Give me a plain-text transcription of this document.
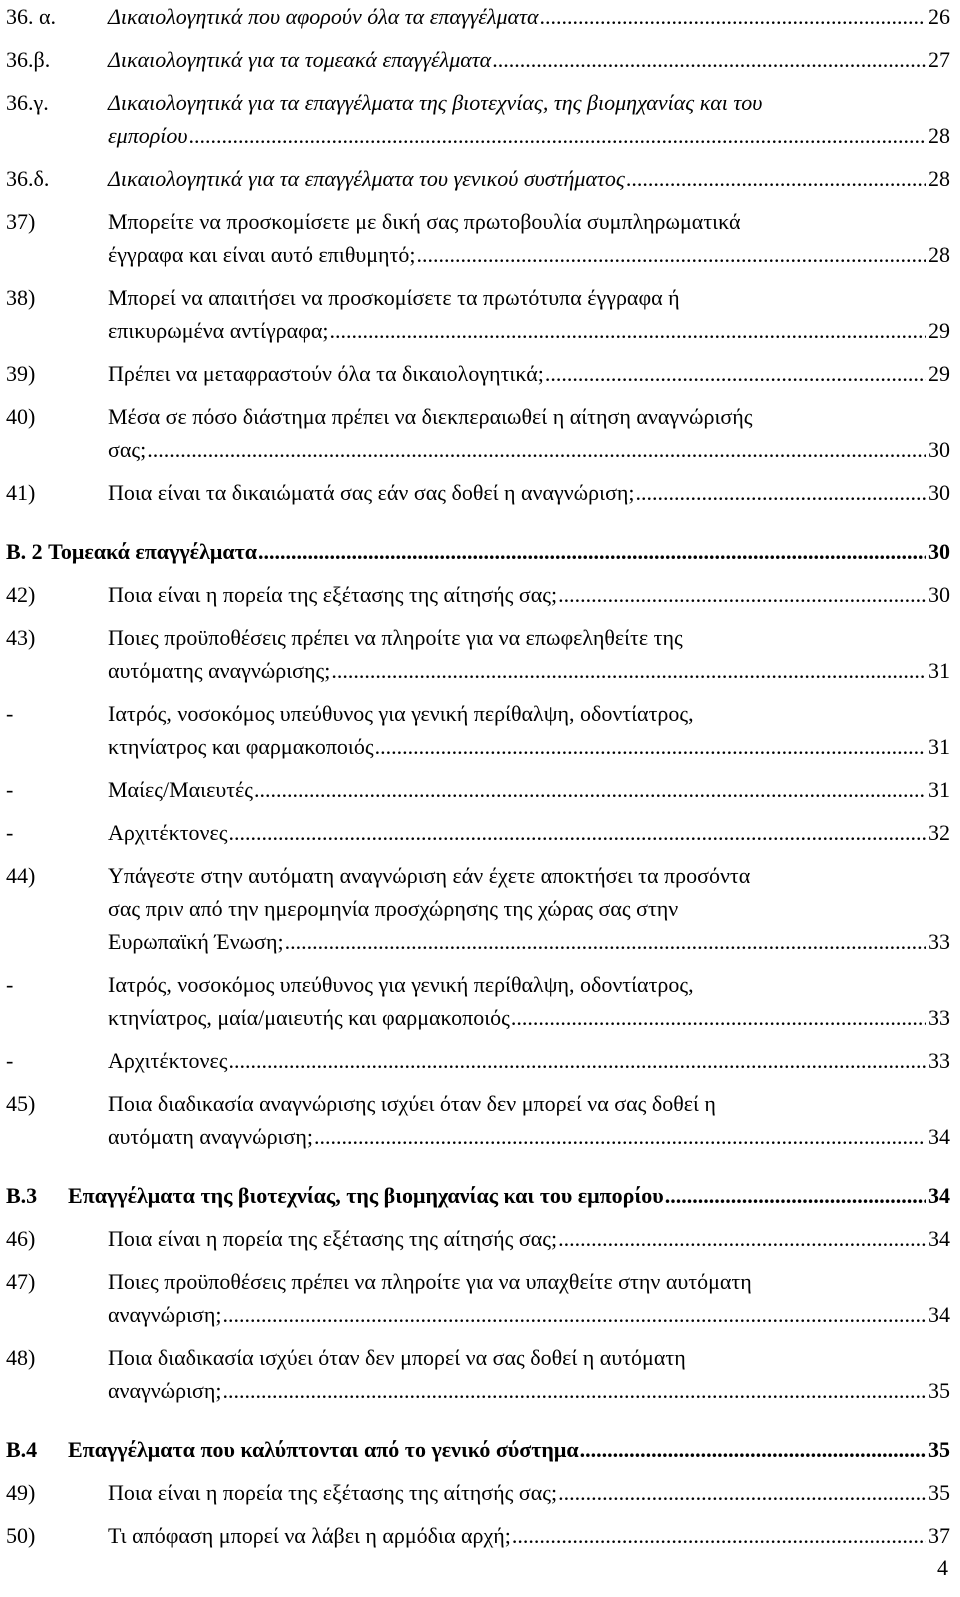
36. α. Δικαιολογητικά που αφορούν όλα τα επαγγέλματα .....	26
36.β.	Δικαιολογητικά για τα τομεακά επαγγέλματα .....	27
36.γ.	Δικαιολογητικά για τα επαγγέλματα της βιοτεχνίας, της βιομηχανίας και του
εμπορίου .....	28
36.δ.	Δικαιολογητικά για τα επαγγέλματα του γενικού συστήματος .....	28
37)	Μπορείτε να προσκομίσετε με δική σας πρωτοβουλία συμπληρωματικά
έγγραφα και είναι αυτό επιθυμητό; .....	28
38)	Μπορεί να απαιτήσει να προσκομίσετε τα πρωτότυπα έγγραφα ή
επικυρωμένα αντίγραφα; .....	29
39)	Πρέπει να μεταφραστούν όλα τα δικαιολογητικά; .....	29
40)	Μέσα σε πόσο διάστημα πρέπει να διεκπεραιωθεί η αίτηση αναγνώρισής
σας; .....	30
41)	Ποια είναι τα δικαιώματά σας εάν σας δοθεί η αναγνώριση; .....	30
B. 2 Τομεακά επαγγέλματα .....	30
42)	Ποια είναι η πορεία της εξέτασης της αίτησής σας; .....	30
43)	Ποιες προϋποθέσεις πρέπει να πληροίτε για να επωφεληθείτε της
αυτόματης αναγνώρισης; .....	31
-	Ιατρός, νοσοκόμος υπεύθυνος για γενική περίθαλψη, οδοντίατρος,
κτηνίατρος και φαρμακοποιός .....	31
-	Μαίες/Μαιευτές .....	31
-	Αρχιτέκτονες .....	32
44)	Υπάγεστε στην αυτόματη αναγνώριση εάν έχετε αποκτήσει τα προσόντα
σας πριν από την ημερομηνία προσχώρησης της χώρας σας στην
Ευρωπαϊκή Ένωση; .....	33
-	Ιατρός, νοσοκόμος υπεύθυνος για γενική περίθαλψη, οδοντίατρος,
κτηνίατρος, μαία/μαιευτής και φαρμακοποιός .....	33
-	Αρχιτέκτονες .....	33
45)	Ποια διαδικασία αναγνώρισης ισχύει όταν δεν μπορεί να σας δοθεί η
αυτόματη αναγνώριση; .....	34
B.3 Επαγγέλματα της βιοτεχνίας, της βιομηχανίας και του εμπορίου .....	34
46)	Ποια είναι η πορεία της εξέτασης της αίτησής σας; .....	34
47)	Ποιες προϋποθέσεις πρέπει να πληροίτε για να υπαχθείτε στην αυτόματη
αναγνώριση; .....	34
48)	Ποια διαδικασία ισχύει όταν δεν μπορεί να σας δοθεί η αυτόματη
αναγνώριση; .....	35
B.4 Επαγγέλματα που καλύπτονται από το γενικό σύστημα .....	35
49)	Ποια είναι η πορεία της εξέτασης της αίτησής σας; .....	35
50)	Τι απόφαση μπορεί να λάβει η αρμόδια αρχή; .....	37
4
